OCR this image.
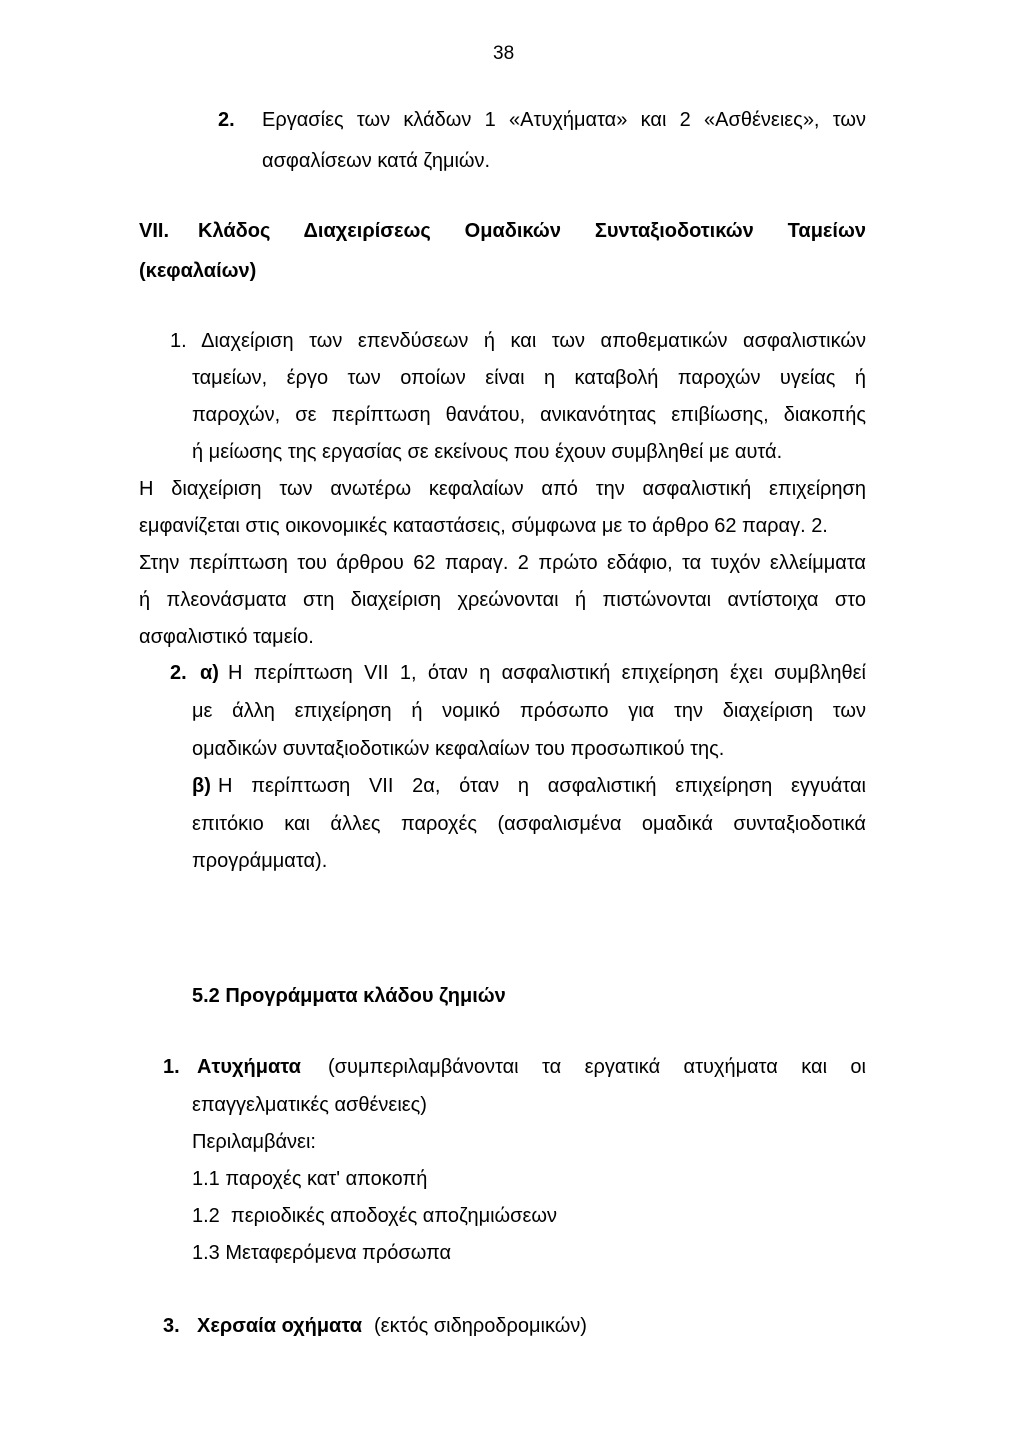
38
2. Εργασίες των κλάδων 1 «Ατυχήματα» και 2 «Ασθένειες», των
ασφαλίσεων κατά ζημιών.
VII. Κλάδος Διαχειρίσεως Ομαδικών Συνταξιοδοτικών Ταμείων
(κεφαλαίων)
1. Διαχείριση των επενδύσεων ή και των αποθεματικών ασφαλιστικών
ταμείων, έργο των οποίων είναι η καταβολή παροχών υγείας ή
παροχών, σε περίπτωση θανάτου, ανικανότητας επιβίωσης, διακοπής
ή μείωσης της εργασίας σε εκείνους που έχουν συμβληθεί με αυτά.
Η διαχείριση των ανωτέρω κεφαλαίων από την ασφαλιστική επιχείρηση
εμφανίζεται στις οικονομικές καταστάσεις, σύμφωνα με το άρθρο 62 παραγ. 2.
Στην περίπτωση του άρθρου 62 παραγ. 2 πρώτο εδάφιο, τα τυχόν ελλείμματα
ή πλεονάσματα στη διαχείριση χρεώνονται ή πιστώνονται αντίστοιχα στο
ασφαλιστικό ταμείο.
2. α) Η περίπτωση VII 1, όταν η ασφαλιστική επιχείρηση έχει συμβληθεί
με άλλη επιχείρηση ή νομικό πρόσωπο για την διαχείριση των
ομαδικών συνταξιοδοτικών κεφαλαίων του προσωπικού της.
β) Η περίπτωση VII 2α, όταν η ασφαλιστική επιχείρηση εγγυάται
επιτόκιο και άλλες παροχές (ασφαλισμένα ομαδικά συνταξιοδοτικά
προγράμματα).
5.2 Προγράμματα κλάδου ζημιών
1. Ατυχήματα (συμπεριλαμβάνονται τα εργατικά ατυχήματα και οι
επαγγελματικές ασθένειες)
Περιλαμβάνει:
1.1 παροχές κατ' αποκοπή
1.2  περιοδικές αποδοχές αποζημιώσεων
1.3 Μεταφερόμενα πρόσωπα
3. Χερσαία οχήματα (εκτός σιδηροδρομικών)
